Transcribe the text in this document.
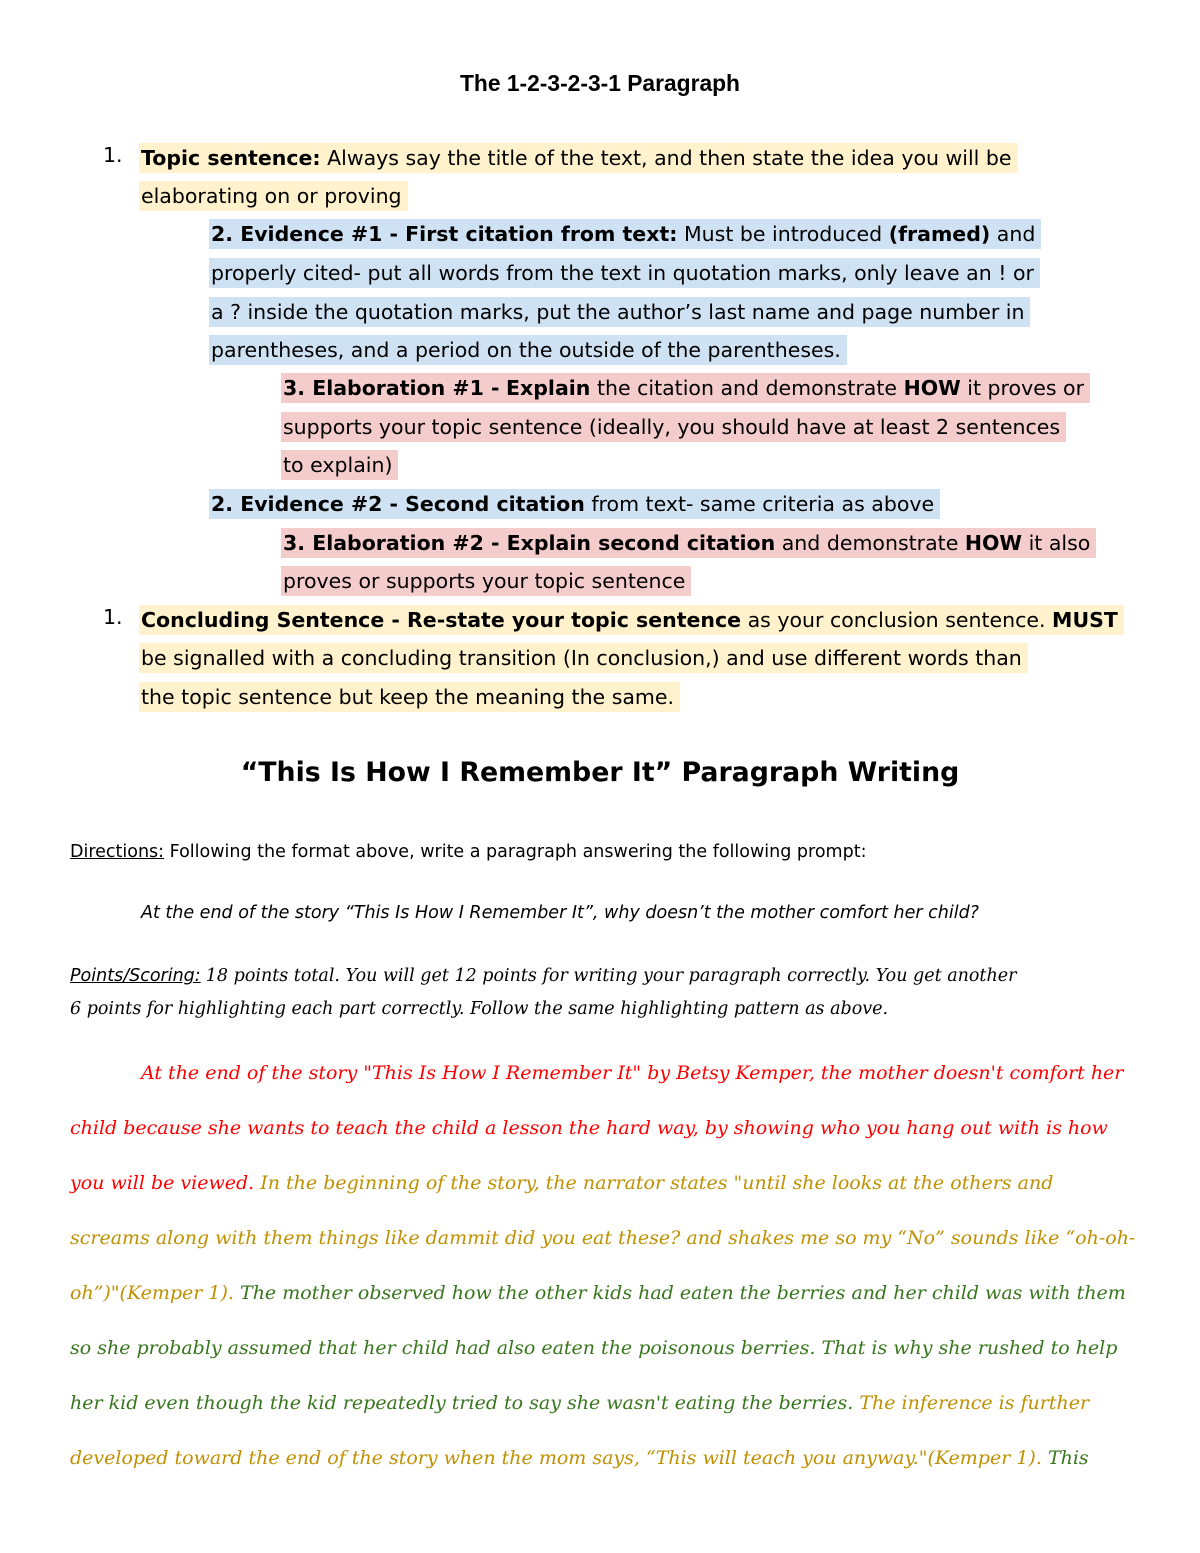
The 1-2-3-2-3-1 Paragraph
1. Topic sentence: Always say the title of the text, and then state the idea you will be
elaborating on or proving
2. Evidence #1 - First citation from text: Must be introduced (framed) and
properly cited- put all words from the text in quotation marks, only leave an ! or
a ? inside the quotation marks, put the author’s last name and page number in
parentheses, and a period on the outside of the parentheses.
3. Elaboration #1 - Explain the citation and demonstrate HOW it proves or
supports your topic sentence (ideally, you should have at least 2 sentences
to explain)
2. Evidence #2 - Second citation from text- same criteria as above
3. Elaboration #2 - Explain second citation and demonstrate HOW it also
proves or supports your topic sentence
1. Concluding Sentence - Re-state your topic sentence as your conclusion sentence. MUST
be signalled with a concluding transition (In conclusion,) and use different words than
the topic sentence but keep the meaning the same.
“This Is How I Remember It” Paragraph Writing
Directions: Following the format above, write a paragraph answering the following prompt:
At the end of the story “This Is How I Remember It”, why doesn’t the mother comfort her child?
Points/Scoring: 18 points total. You will get 12 points for writing your paragraph correctly. You get another
6 points for highlighting each part correctly. Follow the same highlighting pattern as above.
At the end of the story "This Is How I Remember It" by Betsy Kemper, the mother doesn't comfort her
child because she wants to teach the child a lesson the hard way, by showing who you hang out with is how
you will be viewed. In the beginning of the story, the narrator states "until she looks at the others and
screams along with them things like dammit did you eat these? and shakes me so my “No” sounds like “oh-oh-
oh”)"(Kemper 1). The mother observed how the other kids had eaten the berries and her child was with them
so she probably assumed that her child had also eaten the poisonous berries. That is why she rushed to help
her kid even though the kid repeatedly tried to say she wasn't eating the berries. The inference is further
developed toward the end of the story when the mom says, “This will teach you anyway."(Kemper 1). This
